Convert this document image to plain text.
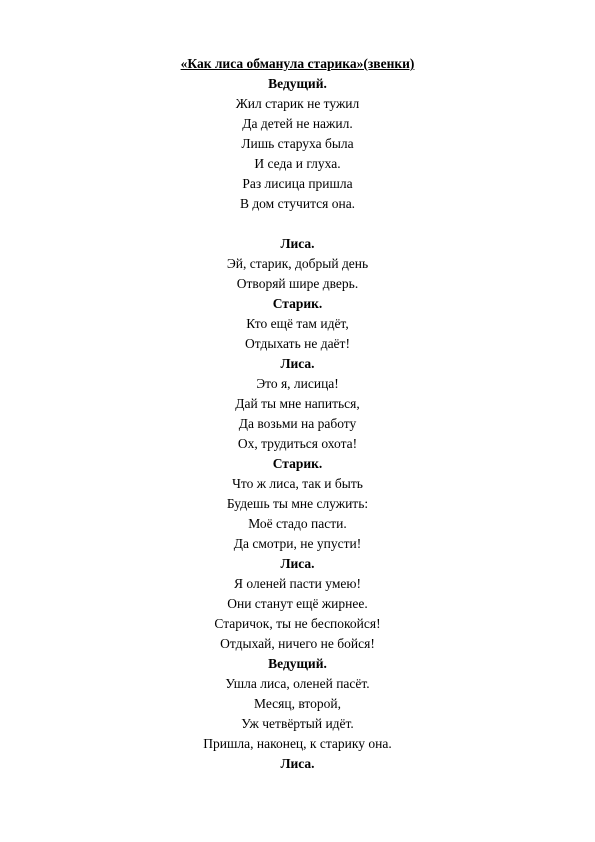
«Как лиса обманула старика»(звенки)
Ведущий.
Жил старик не тужил
Да детей не нажил.
Лишь старуха была
И седа и глуха.
Раз лисица пришла
В дом стучится она.
Лиса.
Эй, старик, добрый день
Отворяй шире дверь.
Старик.
Кто ещё там идёт,
Отдыхать не даёт!
Лиса.
Это я, лисица!
Дай ты мне напиться,
Да возьми на работу
Ох, трудиться охота!
Старик.
Что ж лиса, так и быть
Будешь ты мне служить:
Моё стадо пасти.
Да смотри, не упусти!
Лиса.
Я оленей пасти умею!
Они станут ещё жирнее.
Старичок, ты не беспокойся!
Отдыхай, ничего не бойся!
Ведущий.
Ушла лиса, оленей пасёт.
Месяц, второй,
Уж четвёртый идёт.
Пришла, наконец, к старику она.
Лиса.
